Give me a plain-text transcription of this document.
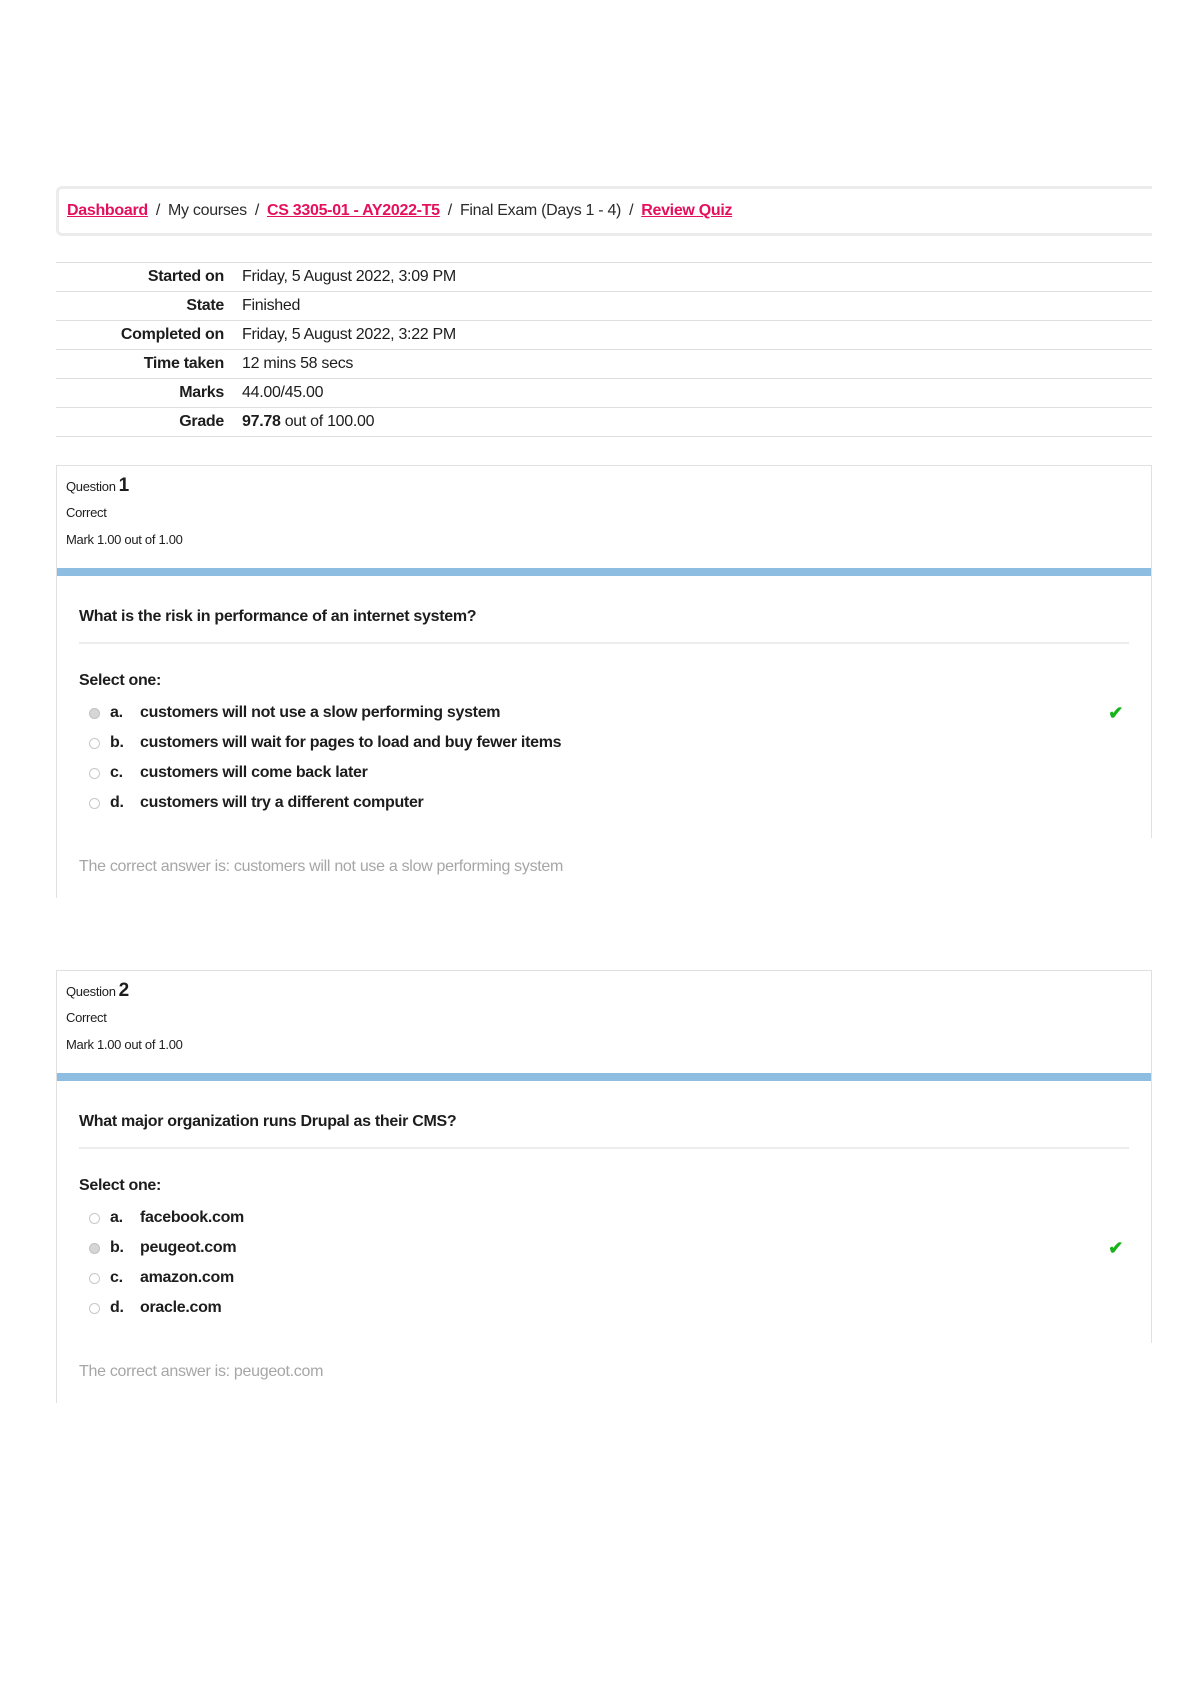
Dashboard / My courses / CS 3305-01 - AY2022-T5 / Final Exam (Days 1 - 4) / Review Quiz
Started on	Friday, 5 August 2022, 3:09 PM
State	Finished
Completed on	Friday, 5 August 2022, 3:22 PM
Time taken	12 mins 58 secs
Marks	44.00/45.00
Grade	97.78 out of 100.00
Question 1
Correct
Mark 1.00 out of 1.00
What is the risk in performance of an internet system?
Select one:
a.	customers will not use a slow performing system	✔
b.	customers will wait for pages to load and buy fewer items
c.	customers will come back later
d.	customers will try a different computer
The correct answer is: customers will not use a slow performing system
Question 2
Correct
Mark 1.00 out of 1.00
What major organization runs Drupal as their CMS?
Select one:
a.	facebook.com
b.	peugeot.com	✔
c.	amazon.com
d.	oracle.com
The correct answer is: peugeot.com
